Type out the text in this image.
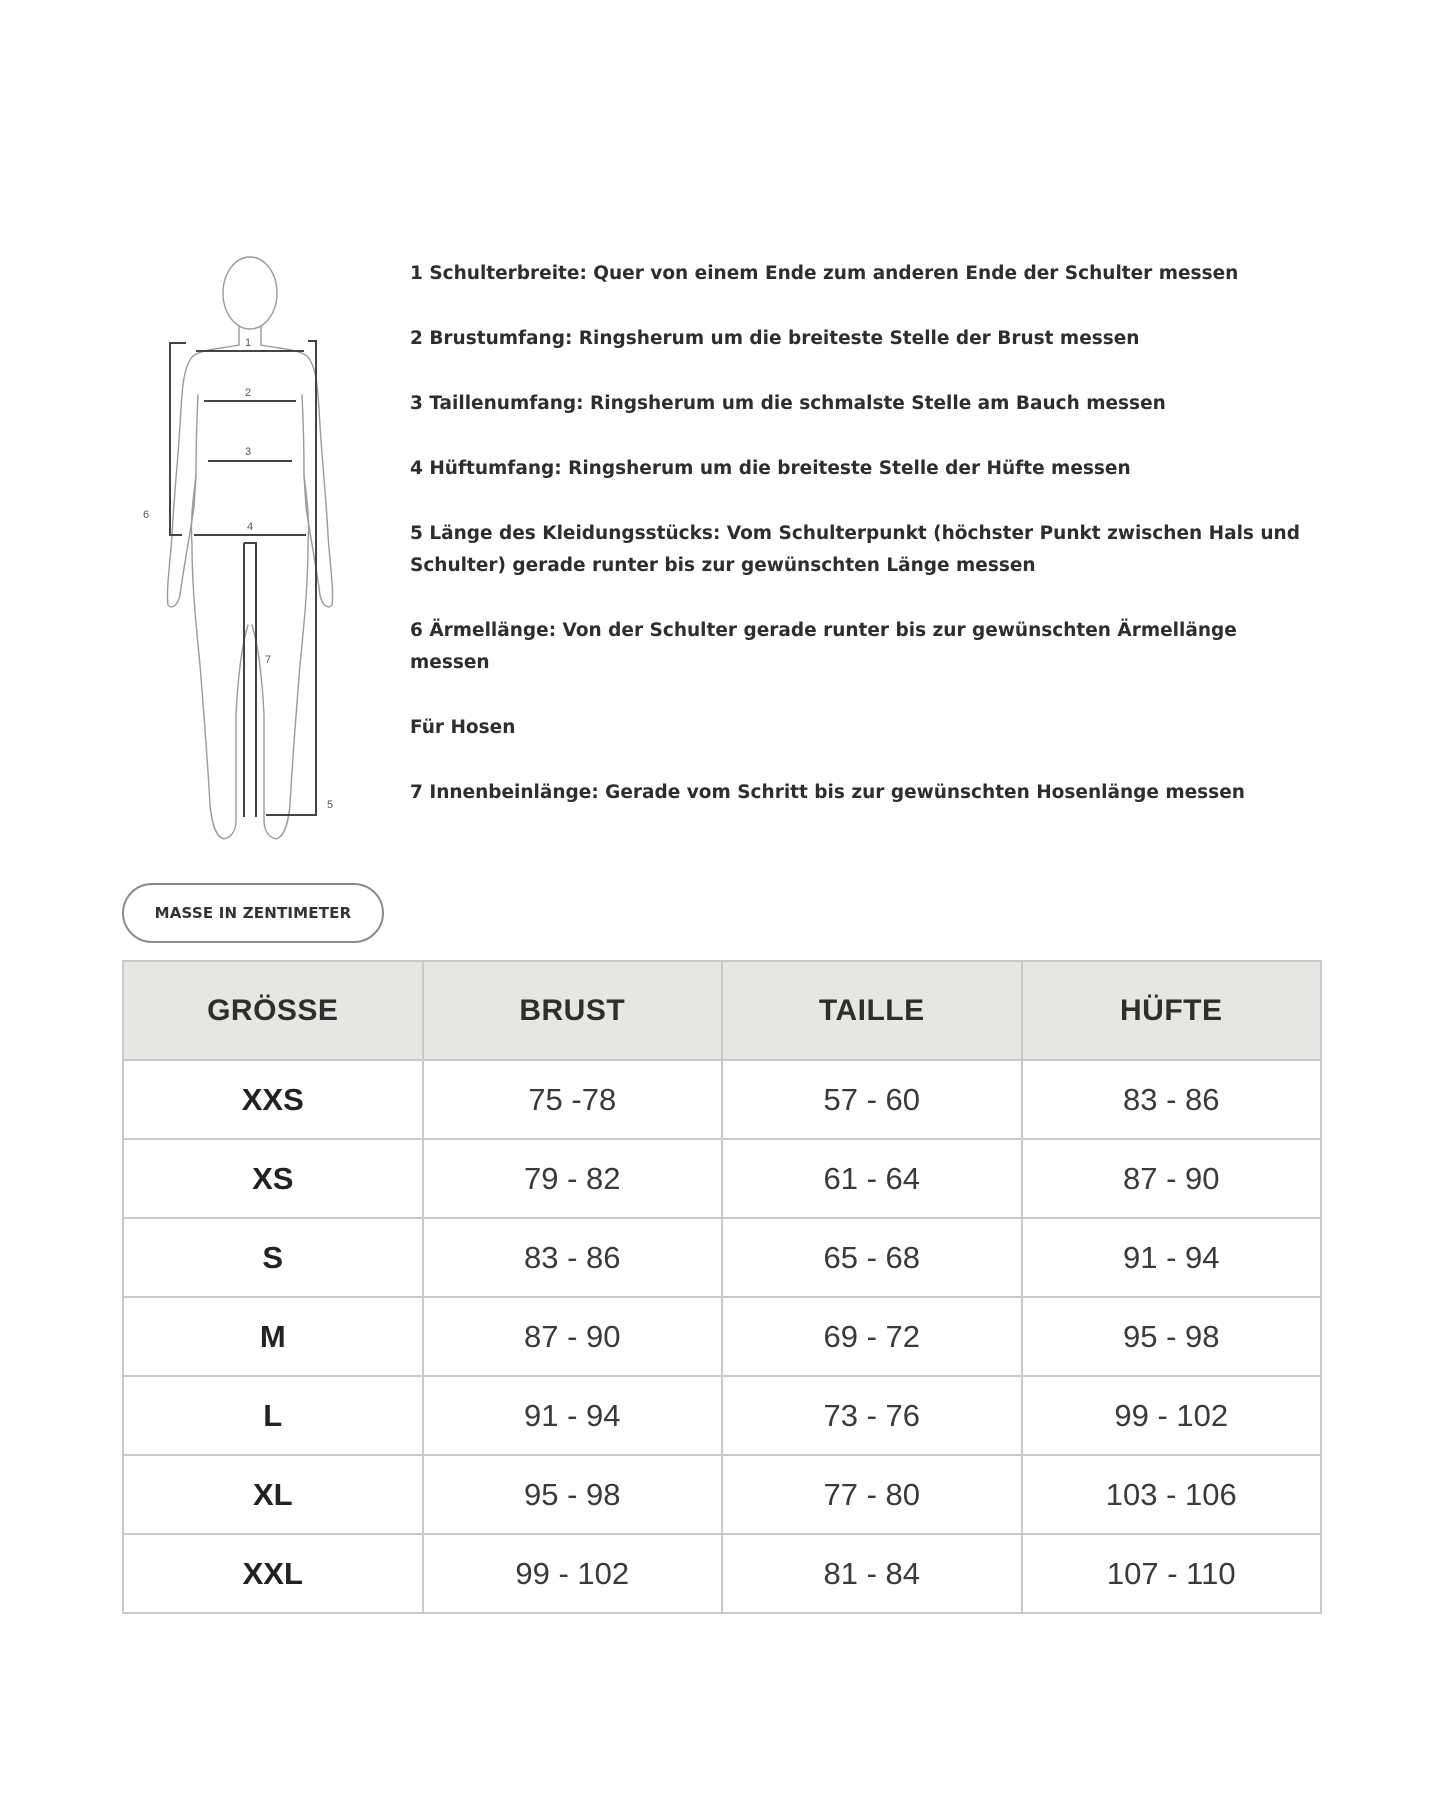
1
2
3
4
5
6
7

1 Schulterbreite: Quer von einem Ende zum anderen Ende der Schulter messen

2 Brustumfang: Ringsherum um die breiteste Stelle der Brust messen

3 Taillenumfang: Ringsherum um die schmalste Stelle am Bauch messen

4 Hüftumfang: Ringsherum um die breiteste Stelle der Hüfte messen

5 Länge des Kleidungsstücks: Vom Schulterpunkt (höchster Punkt zwischen Hals und Schulter) gerade runter bis zur gewünschten Länge messen

6 Ärmellänge: Von der Schulter gerade runter bis zur gewünschten Ärmellänge messen

Für Hosen

7 Innenbeinlänge: Gerade vom Schritt bis zur gewünschten Hosenlänge messen

MASSE IN ZENTIMETER
GRÖSSE	BRUST	TAILLE	HÜFTE
XXS	75 -78	57 - 60	83 - 86
XS	79 - 82	61 - 64	87 - 90
S	83 - 86	65 - 68	91 - 94
M	87 - 90	69 - 72	95 - 98
L	91 - 94	73 - 76	99 - 102
XL	95 - 98	77 - 80	103 - 106
XXL	99 - 102	81 - 84	107 - 110
